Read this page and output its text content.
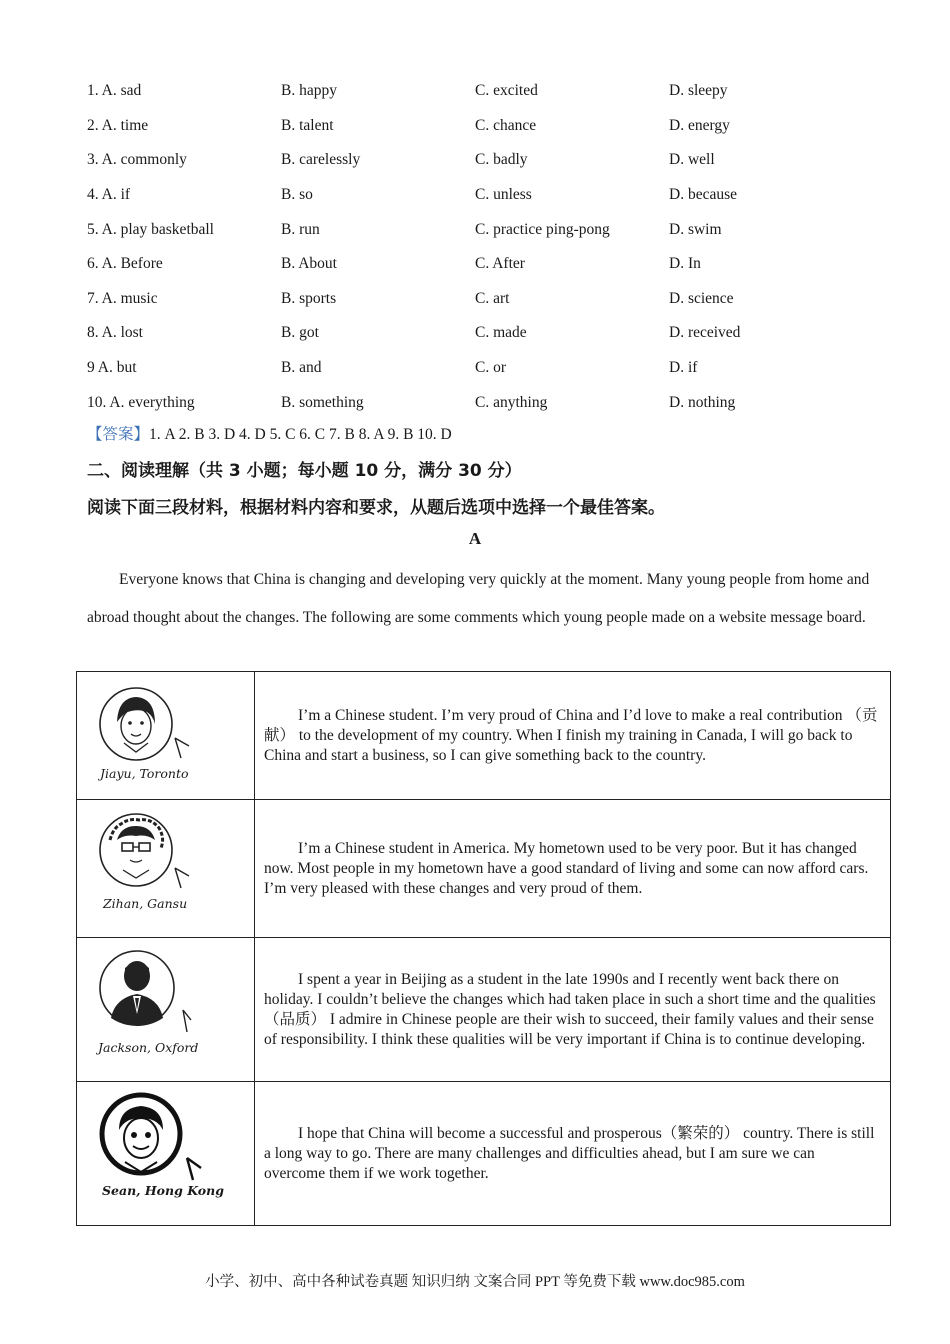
1. A. sad	B. happy	C. excited	D. sleepy
2. A. time	B. talent	C. chance	D. energy
3. A. commonly	B. carelessly	C. badly	D. well
4. A. if	B. so	C. unless	D. because
5. A. play basketball	B. run	C. practice ping-pong	D. swim
6. A. Before	B. About	C. After	D. In
7. A. music	B. sports	C. art	D. science
8. A. lost	B. got	C. made	D. received
9 A. but	B. and	C. or	D. if
10. A. everything	B. something	C. anything	D. nothing
【答案】1. A 2. B 3. D 4. D 5. C 6. C 7. B 8. A 9. B 10. D
二、阅读理解（共 3 小题；每小题 10 分，满分 30 分）
阅读下面三段材料，根据材料内容和要求，从题后选项中选择一个最佳答案。
A
Everyone knows that China is changing and developing very quickly at the moment. Many young people from home and abroad thought about the changes. The following are some comments which young people made on a website message board.
Jiayu, Toronto	I’m a Chinese student. I’m very proud of China and I’d love to make a real contribution （贡献） to the development of my country. When I finish my training in Canada, I will go back to China and start a business, so I can give something back to the country.

Zihan, Gansu	I’m a Chinese student in America. My hometown used to be very poor. But it has changed now. Most people in my hometown have a good standard of living and some can now afford cars. I’m very pleased with these changes and very proud of them.

Jackson, Oxford	I spent a year in Beijing as a student in the late 1990s and I recently went back there on holiday. I couldn’t believe the changes which had taken place in such a short time and the qualities （品质） I admire in Chinese people are their wish to succeed, their family values and their sense of responsibility. I think these qualities will be very important if China is to continue developing.

Sean, Hong Kong	I hope that China will become a successful and prosperous（繁荣的） country. There is still a long way to go. There are many challenges and difficulties ahead, but I am sure we can overcome them if we work together.
小学、初中、高中各种试卷真题 知识归纳 文案合同 PPT 等免费下载 www.doc985.com
